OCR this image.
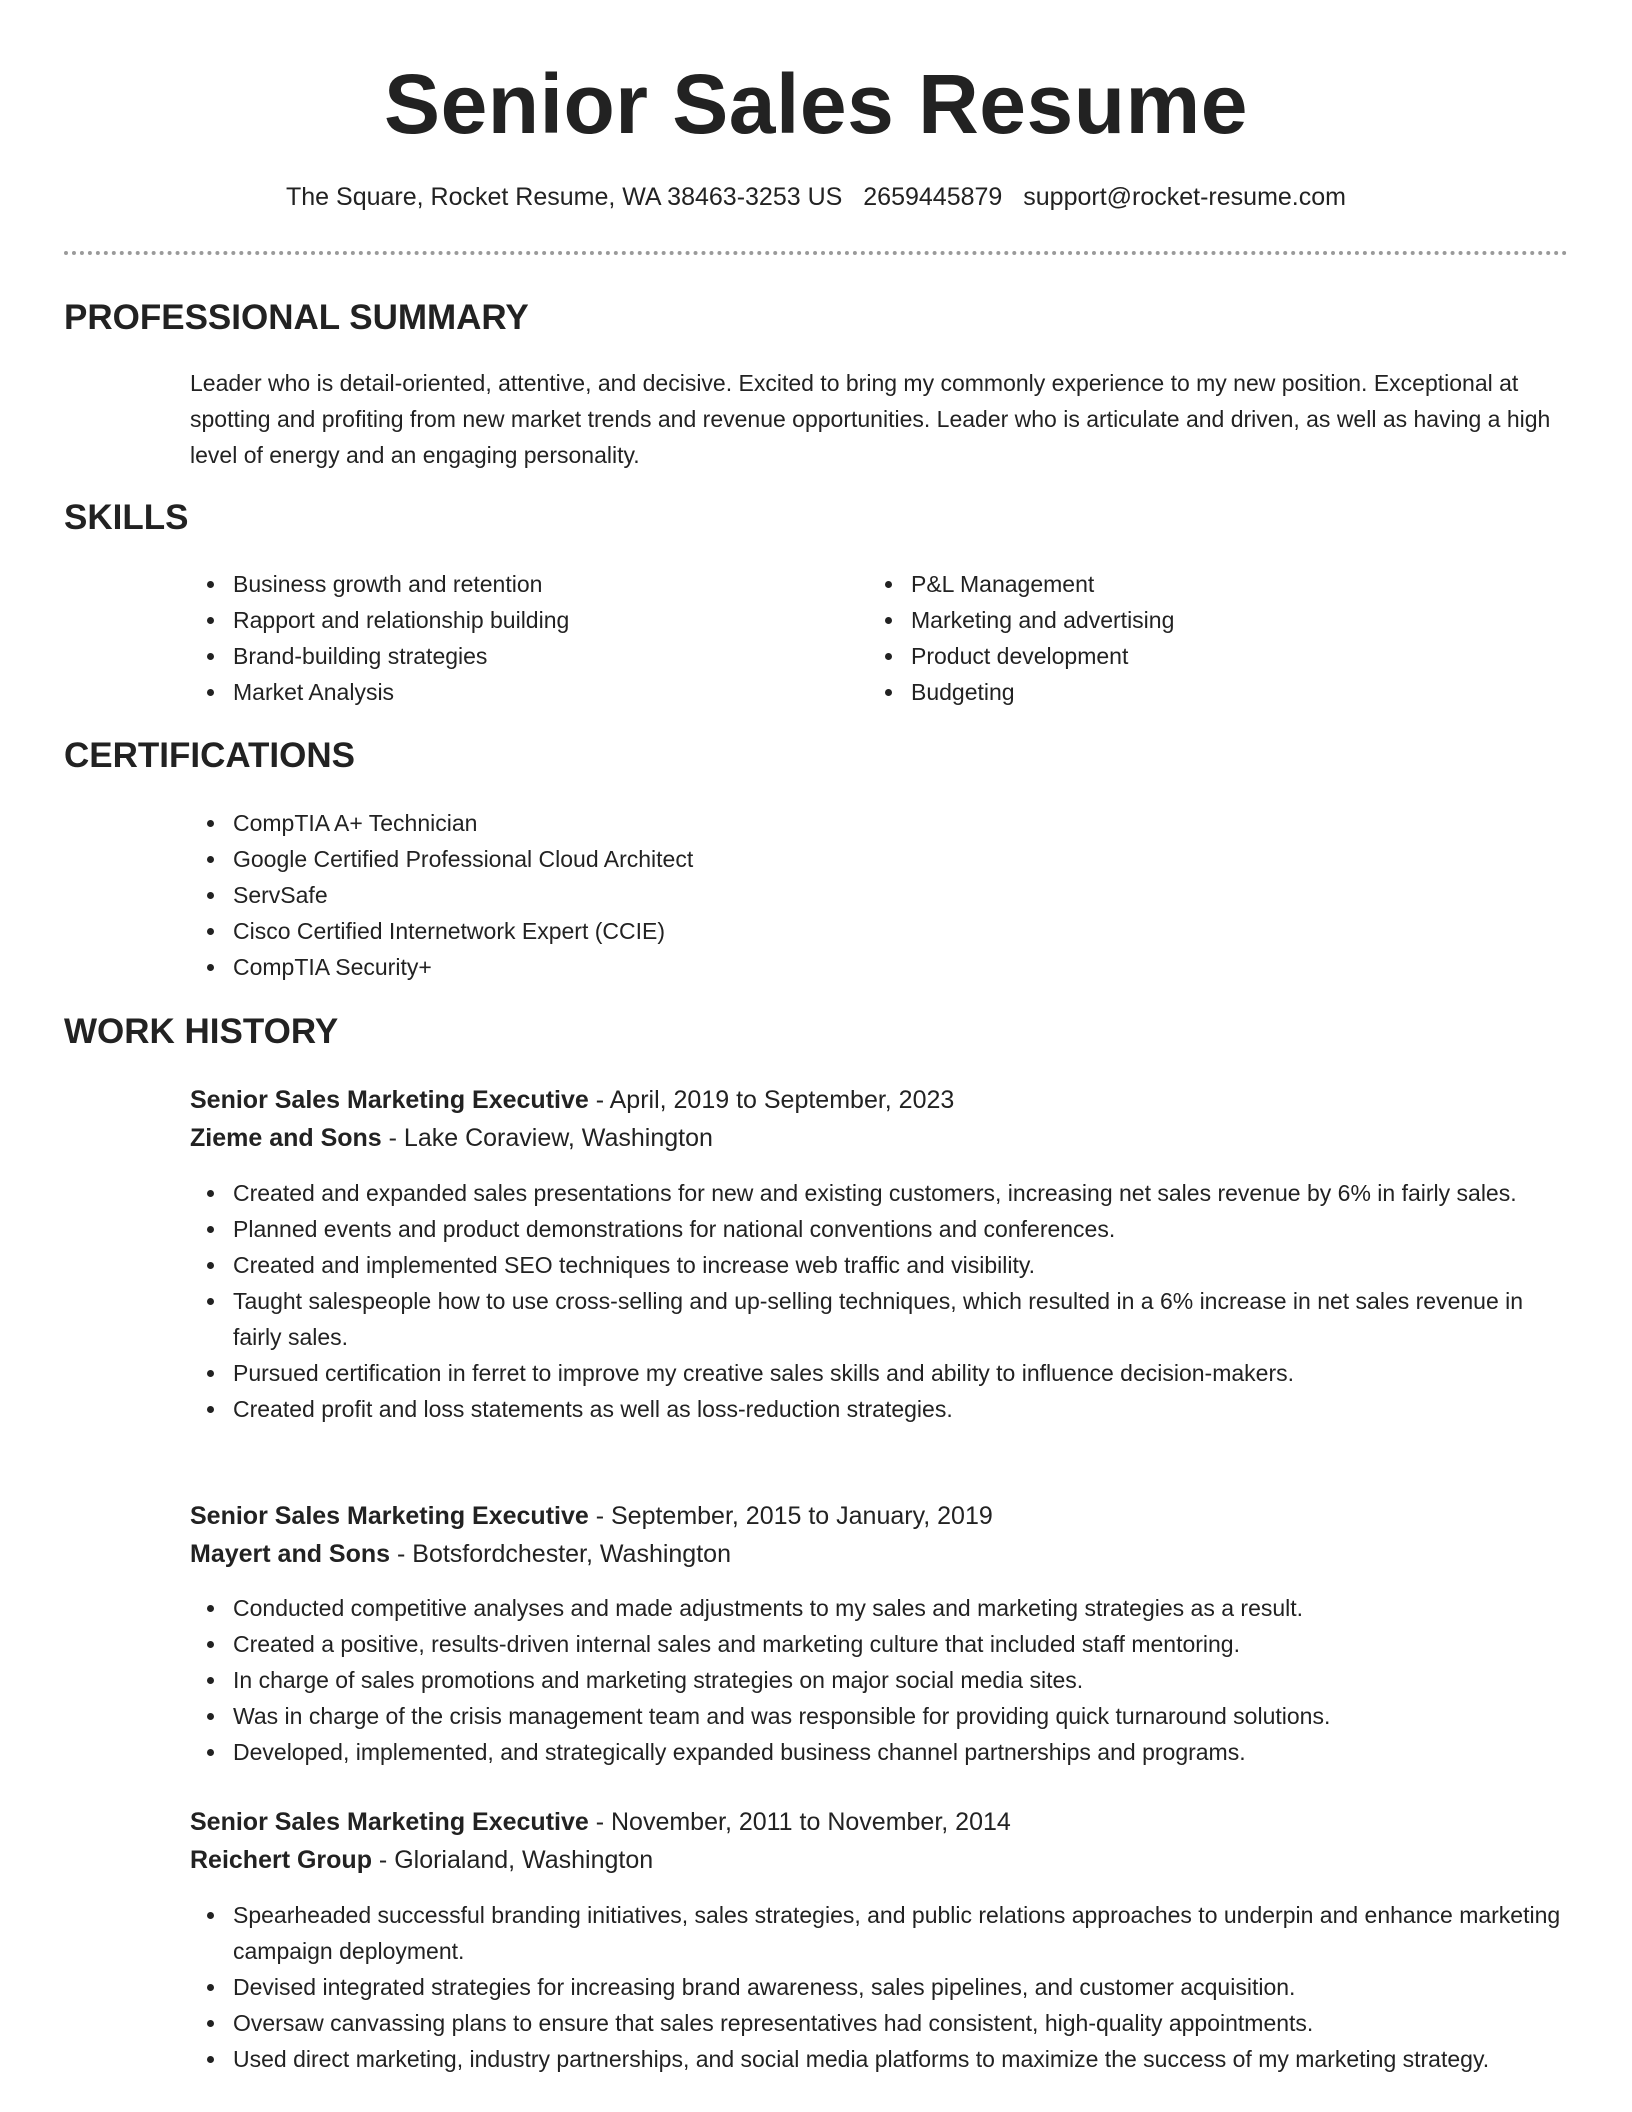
Senior Sales Resume
The Square, Rocket Resume, WA 38463-3253 US 2659445879 support@rocket-resume.com
PROFESSIONAL SUMMARY

Leader who is detail-oriented, attentive, and decisive. Excited to bring my commonly experience to my new position. Exceptional at spotting and profiting from new market trends and revenue opportunities. Leader who is articulate and driven, as well as having a high level of energy and an engaging personality.

SKILLS
Business growth and retention
Rapport and relationship building
Brand-building strategies
Market Analysis
P&L Management
Marketing and advertising
Product development
Budgeting
CERTIFICATIONS
CompTIA A+ Technician
Google Certified Professional Cloud Architect
ServSafe
Cisco Certified Internetwork Expert (CCIE)
CompTIA Security+
WORK HISTORY
Senior Sales Marketing Executive - April, 2019 to September, 2023
Zieme and Sons - Lake Coraview, Washington
Created and expanded sales presentations for new and existing customers, increasing net sales revenue by 6% in fairly sales.
Planned events and product demonstrations for national conventions and conferences.
Created and implemented SEO techniques to increase web traffic and visibility.
Taught salespeople how to use cross-selling and up-selling techniques, which resulted in a 6% increase in net sales revenue in fairly sales.
Pursued certification in ferret to improve my creative sales skills and ability to influence decision-makers.
Created profit and loss statements as well as loss-reduction strategies.
Senior Sales Marketing Executive - September, 2015 to January, 2019
Mayert and Sons - Botsfordchester, Washington
Conducted competitive analyses and made adjustments to my sales and marketing strategies as a result.
Created a positive, results-driven internal sales and marketing culture that included staff mentoring.
In charge of sales promotions and marketing strategies on major social media sites.
Was in charge of the crisis management team and was responsible for providing quick turnaround solutions.
Developed, implemented, and strategically expanded business channel partnerships and programs.
Senior Sales Marketing Executive - November, 2011 to November, 2014
Reichert Group - Glorialand, Washington
Spearheaded successful branding initiatives, sales strategies, and public relations approaches to underpin and enhance marketing campaign deployment.
Devised integrated strategies for increasing brand awareness, sales pipelines, and customer acquisition.
Oversaw canvassing plans to ensure that sales representatives had consistent, high-quality appointments.
Used direct marketing, industry partnerships, and social media platforms to maximize the success of my marketing strategy.
